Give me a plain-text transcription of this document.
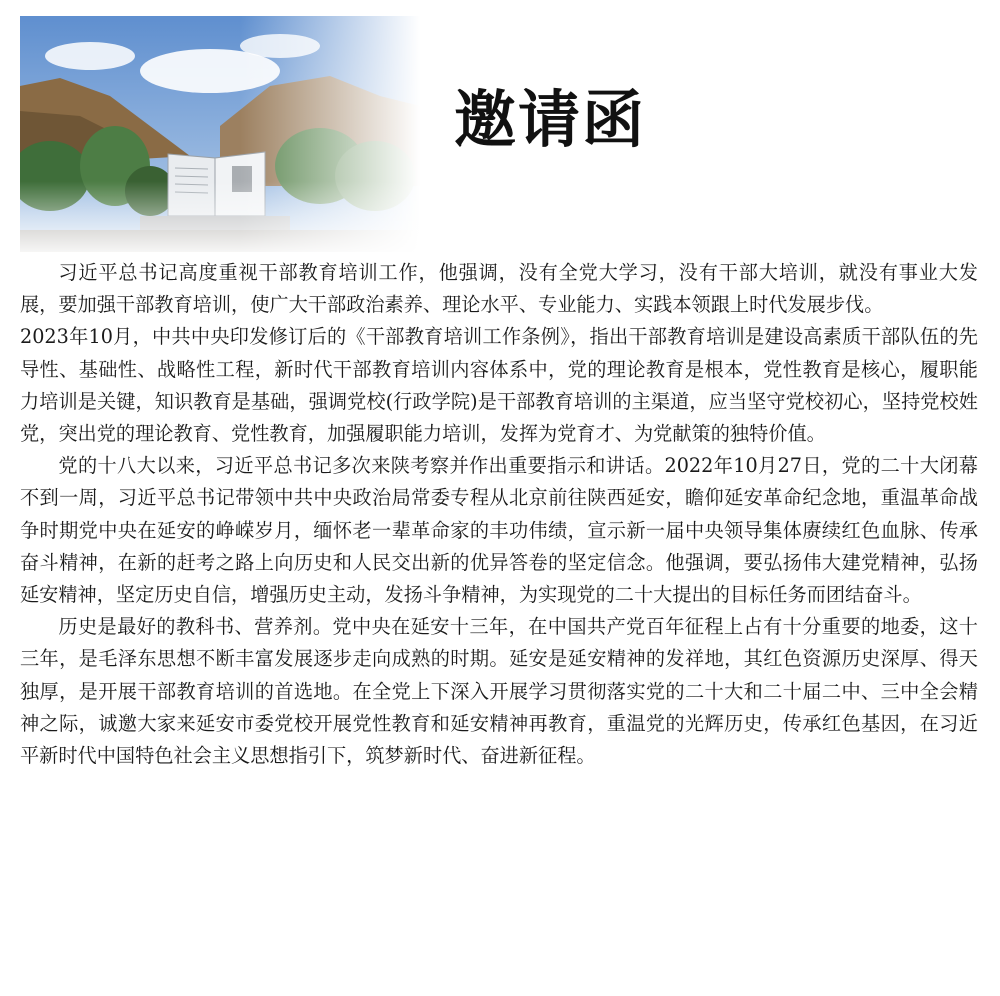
邀请函

习近平总书记高度重视干部教育培训工作，他强调，没有全党大学习，没有干部大培训，就没有事业大发展，要加强干部教育培训，使广大干部政治素养、理论水平、专业能力、实践本领跟上时代发展步伐。

2023年10月，中共中央印发修订后的《干部教育培训工作条例》，指出干部教育培训是建设高素质干部队伍的先导性、基础性、战略性工程，新时代干部教育培训内容体系中，党的理论教育是根本，党性教育是核心，履职能力培训是关键，知识教育是基础，强调党校(行政学院)是干部教育培训的主渠道，应当坚守党校初心，坚持党校姓党，突出党的理论教育、党性教育，加强履职能力培训，发挥为党育才、为党献策的独特价值。

党的十八大以来，习近平总书记多次来陕考察并作出重要指示和讲话。2022年10月27日，党的二十大闭幕不到一周，习近平总书记带领中共中央政治局常委专程从北京前往陕西延安，瞻仰延安革命纪念地，重温革命战争时期党中央在延安的峥嵘岁月，缅怀老一辈革命家的丰功伟绩，宣示新一届中央领导集体赓续红色血脉、传承奋斗精神，在新的赶考之路上向历史和人民交出新的优异答卷的坚定信念。他强调，要弘扬伟大建党精神，弘扬延安精神，坚定历史自信，增强历史主动，发扬斗争精神，为实现党的二十大提出的目标任务而团结奋斗。

历史是最好的教科书、营养剂。党中央在延安十三年，在中国共产党百年征程上占有十分重要的地委，这十三年，是毛泽东思想不断丰富发展逐步走向成熟的时期。延安是延安精神的发祥地，其红色资源历史深厚、得天独厚，是开展干部教育培训的首选地。在全党上下深入开展学习贯彻落实党的二十大和二十届二中、三中全会精神之际，诚邀大家来延安市委党校开展党性教育和延安精神再教育，重温党的光辉历史，传承红色基因，在习近平新时代中国特色社会主义思想指引下，筑梦新时代、奋进新征程。
